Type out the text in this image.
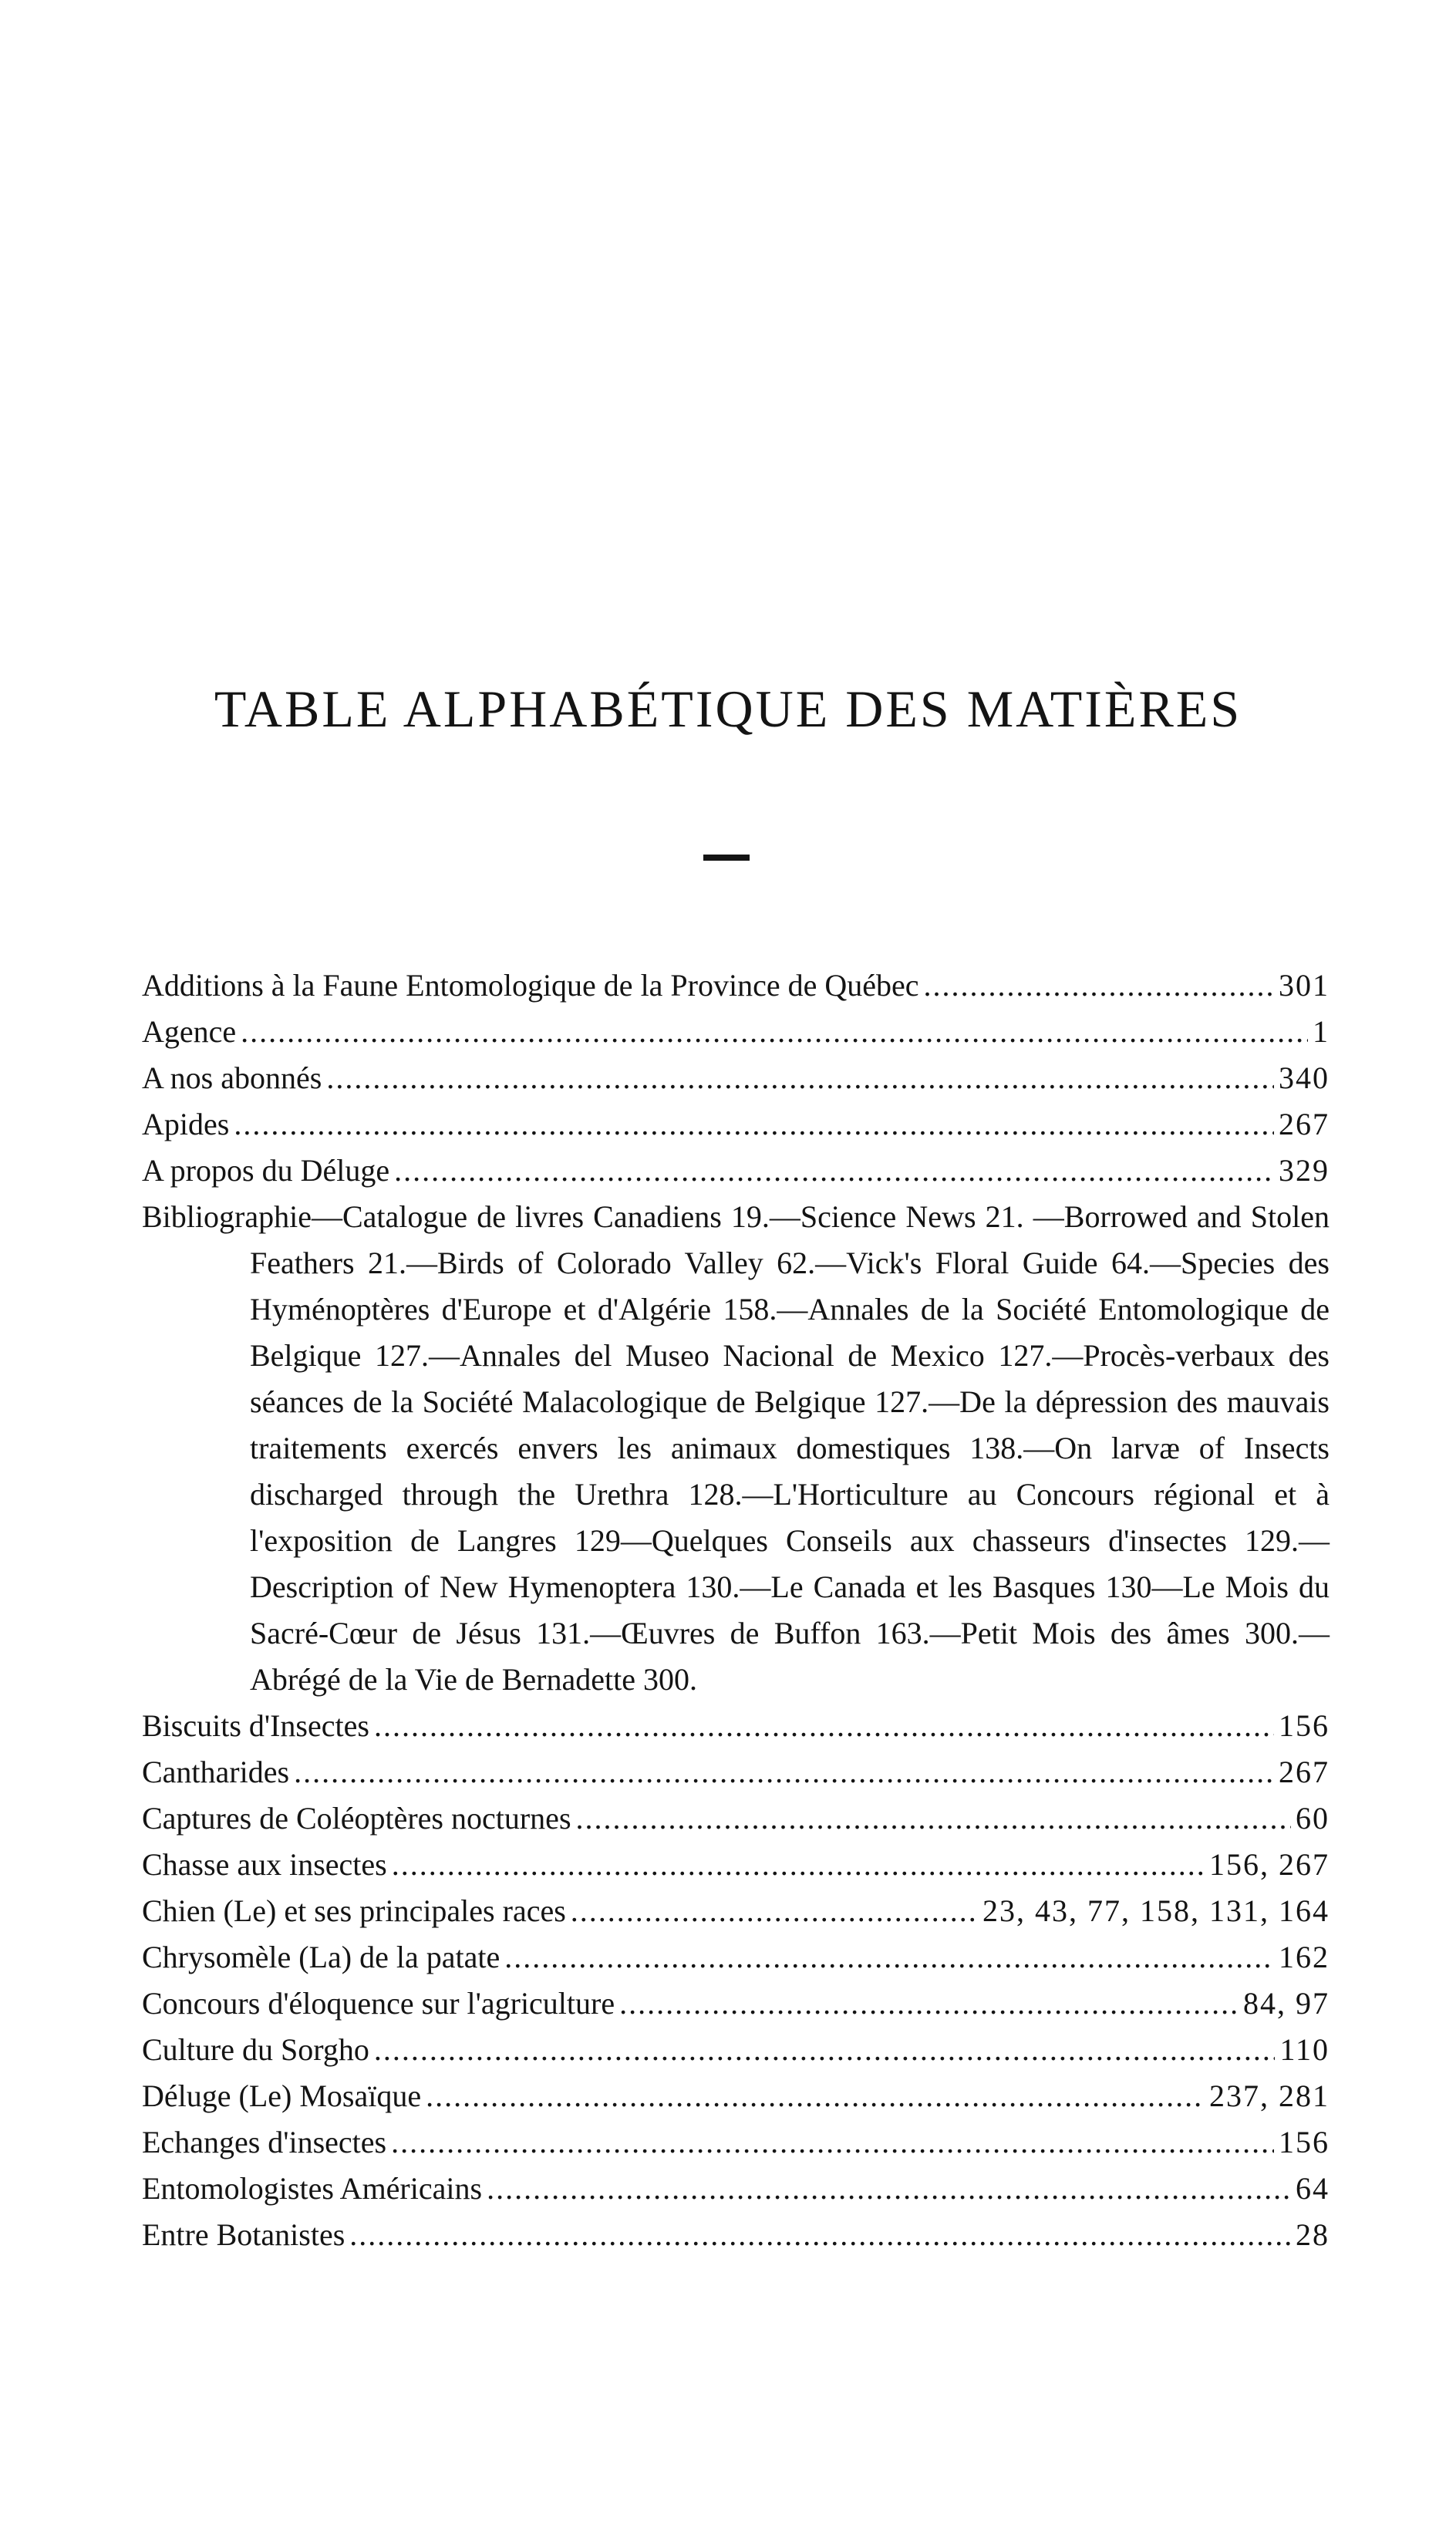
TABLE ALPHABÉTIQUE DES MATIÈRES
Additions à la Faune Entomologique de la Province de Québec .....	301
Agence .....	1
A nos abonnés .....	340
Apides .....	267
A propos du Déluge .....	329

Bibliographie—Catalogue de livres Canadiens 19.—Science News 21. —Borrowed and Stolen Feathers 21.—Birds of Colorado Valley 62.—Vick's Floral Guide 64.—Species des Hyménoptères d'Europe et d'Algérie 158.—Annales de la Société Entomologique de Belgique 127.—Annales del Museo Nacional de Mexico 127.—Procès-verbaux des séances de la Société Malacologique de Belgique 127.—De la dépression des mauvais traitements exercés envers les animaux domestiques 138.—On larvæ of Insects discharged through the Urethra 128.—L'Horticulture au Concours régional et à l'exposition de Langres 129—Quelques Conseils aux chasseurs d'insectes 129.—Description of New Hymenoptera 130.—Le Canada et les Basques 130—Le Mois du Sacré-Cœur de Jésus 131.—Œuvres de Buffon 163.—Petit Mois des âmes 300.—Abrégé de la Vie de Bernadette 300.

Biscuits d'Insectes .....	156
Cantharides .....	267
Captures de Coléoptères nocturnes .....	60
Chasse aux insectes .....	156, 267
Chien (Le) et ses principales races .....	23, 43, 77, 158, 131, 164
Chrysomèle (La) de la patate .....	162
Concours d'éloquence sur l'agriculture .....	84, 97
Culture du Sorgho .....	110
Déluge (Le) Mosaïque .....	237, 281
Echanges d'insectes .....	156
Entomologistes Américains .....	64
Entre Botanistes .....	28
